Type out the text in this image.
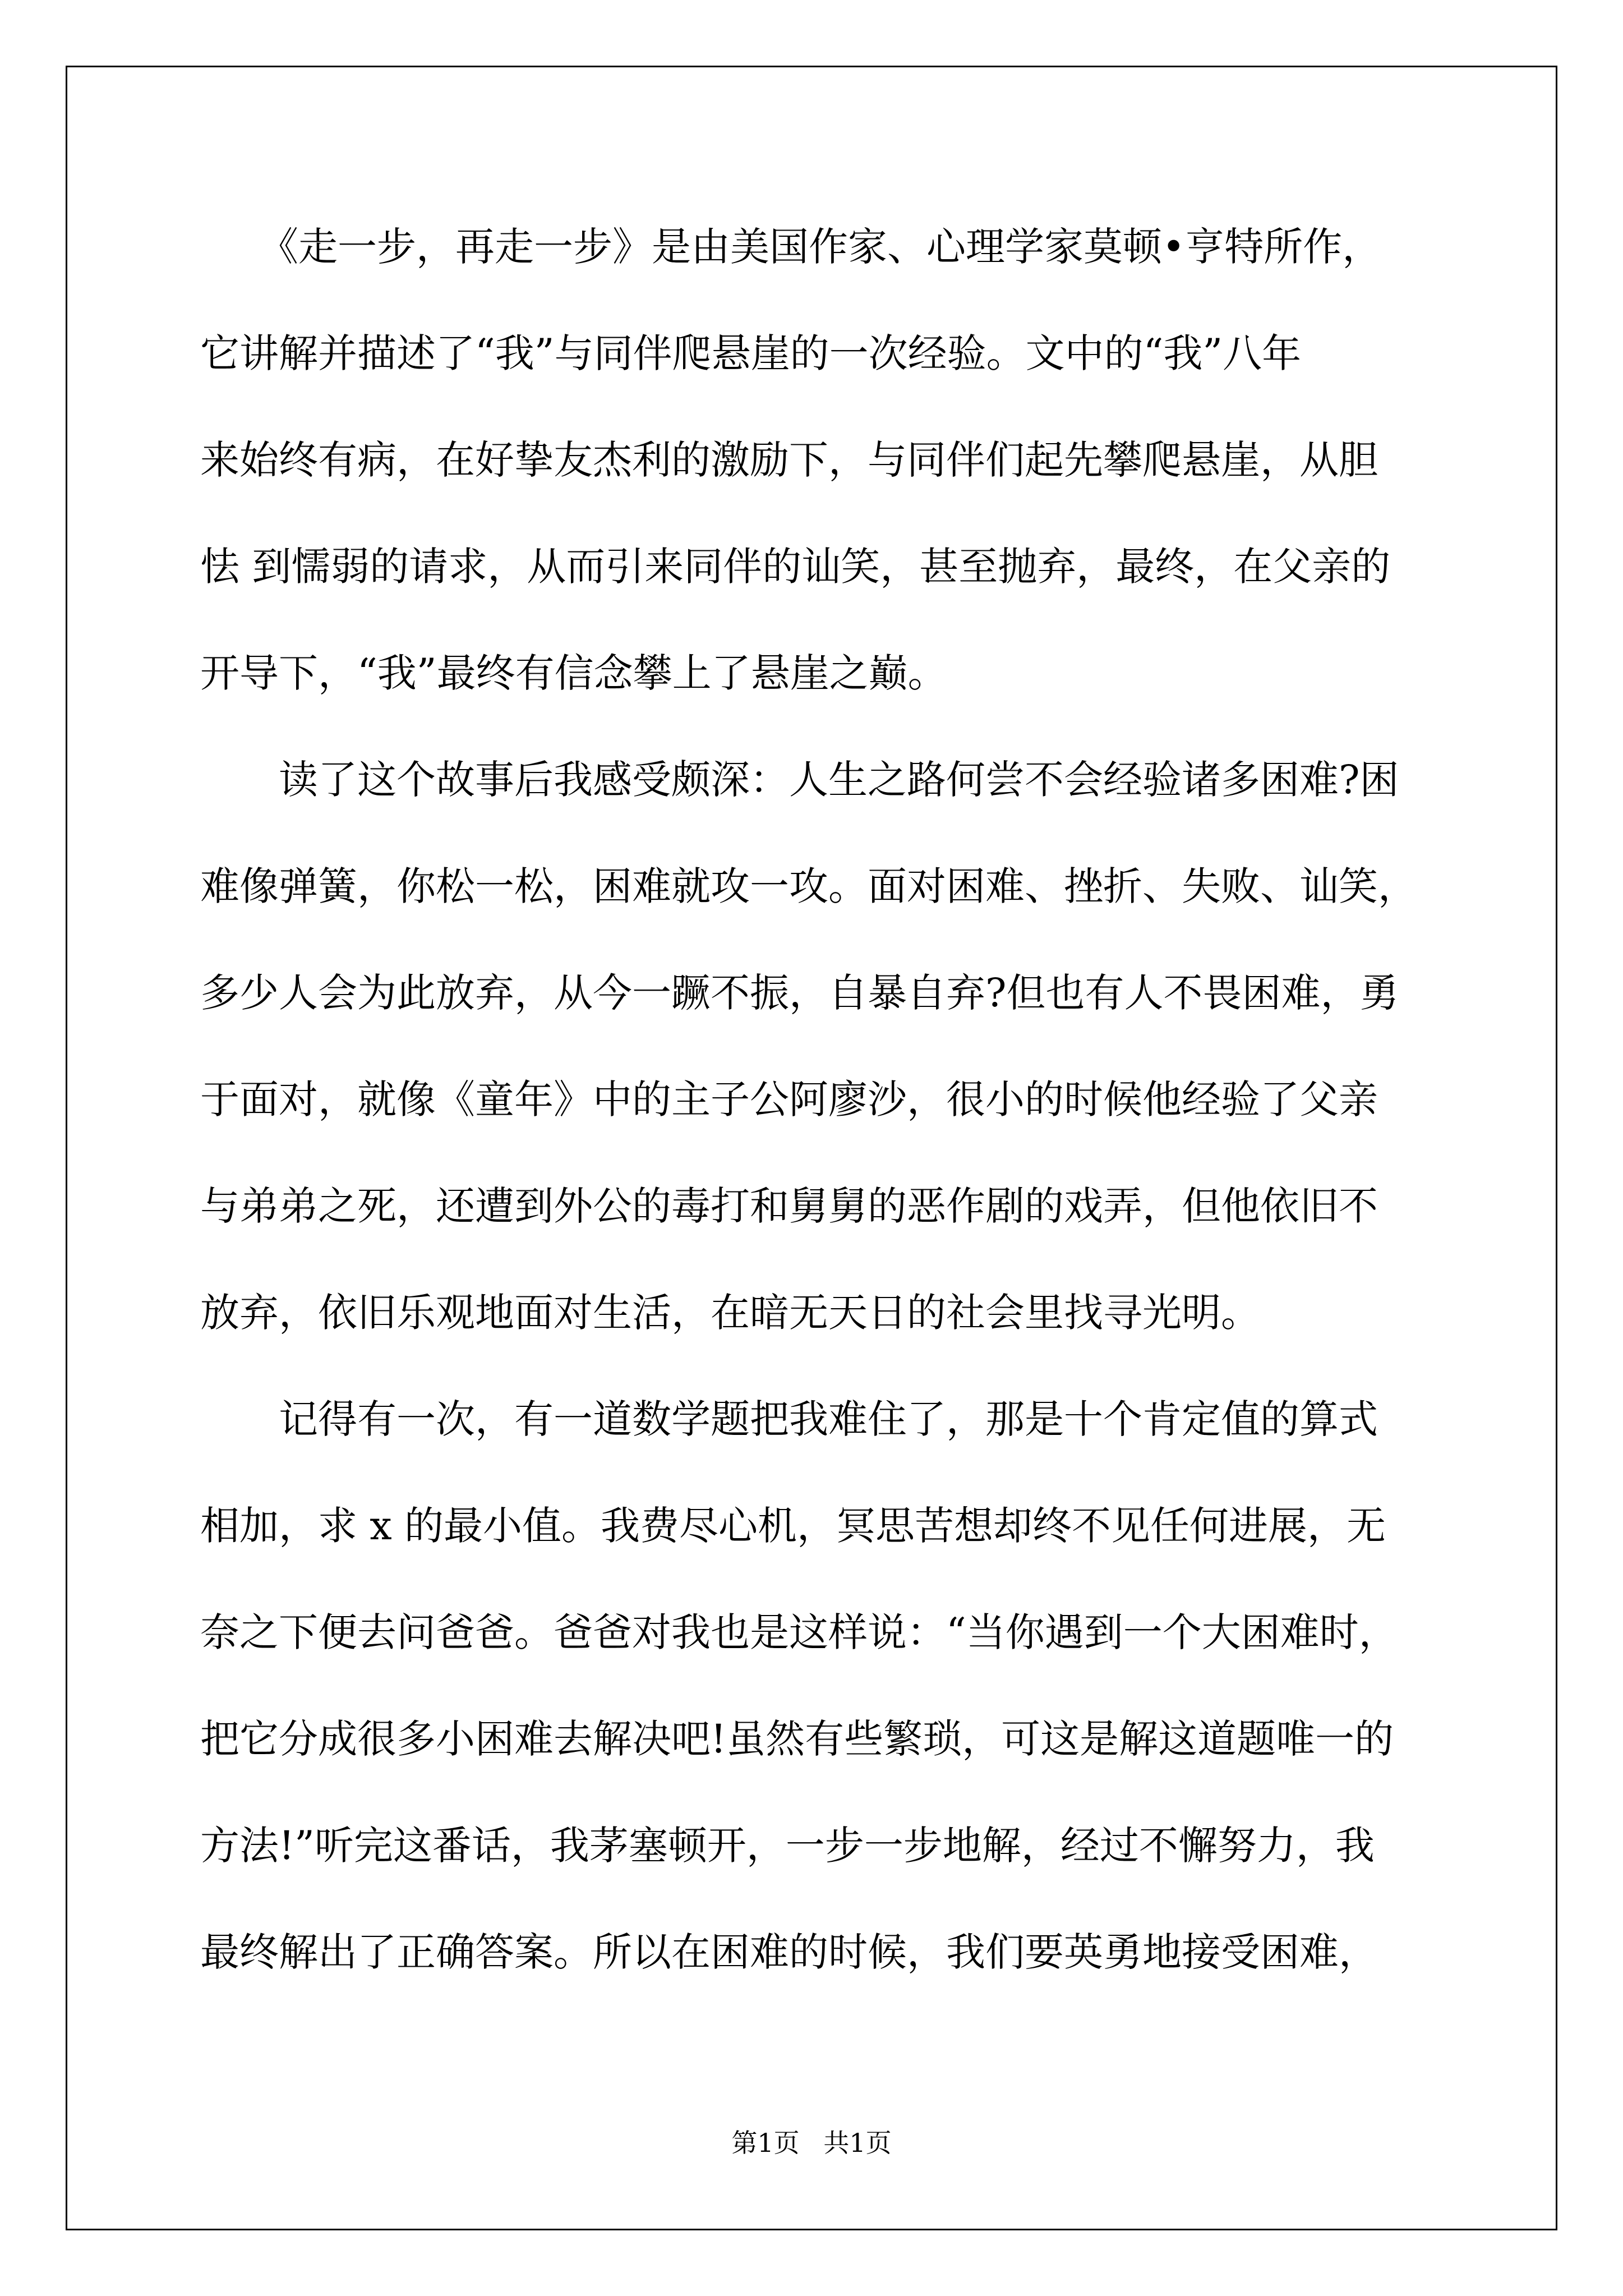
　　《走一步，再走一步》是由美国作家、心理学家莫顿•亨特所作，
它讲解并描述了“我”与同伴爬悬崖的一次经验。文中的“我”八年
来始终有病，在好挚友杰利的激励下，与同伴们起先攀爬悬崖，从胆
怯 到懦弱的请求，从而引来同伴的讪笑，甚至抛弃，最终，在父亲的
开导下，“我”最终有信念攀上了悬崖之巅。
　　读了这个故事后我感受颇深：人生之路何尝不会经验诸多困难?困
难像弹簧，你松一松，困难就攻一攻。面对困难、挫折、失败、讪笑，
多少人会为此放弃，从今一蹶不振，自暴自弃?但也有人不畏困难，勇
于面对，就像《童年》中的主子公阿廖沙，很小的时候他经验了父亲
与弟弟之死，还遭到外公的毒打和舅舅的恶作剧的戏弄，但他依旧不
放弃，依旧乐观地面对生活，在暗无天日的社会里找寻光明。
　　记得有一次，有一道数学题把我难住了，那是十个肯定值的算式
相加，求 x 的最小值。我费尽心机，冥思苦想却终不见任何进展，无
奈之下便去问爸爸。爸爸对我也是这样说：“当你遇到一个大困难时，
把它分成很多小困难去解决吧!虽然有些繁琐，可这是解这道题唯一的
方法!”听完这番话，我茅塞顿开，一步一步地解，经过不懈努力，我
最终解出了正确答案。所以在困难的时候，我们要英勇地接受困难，
第1页 共1页
